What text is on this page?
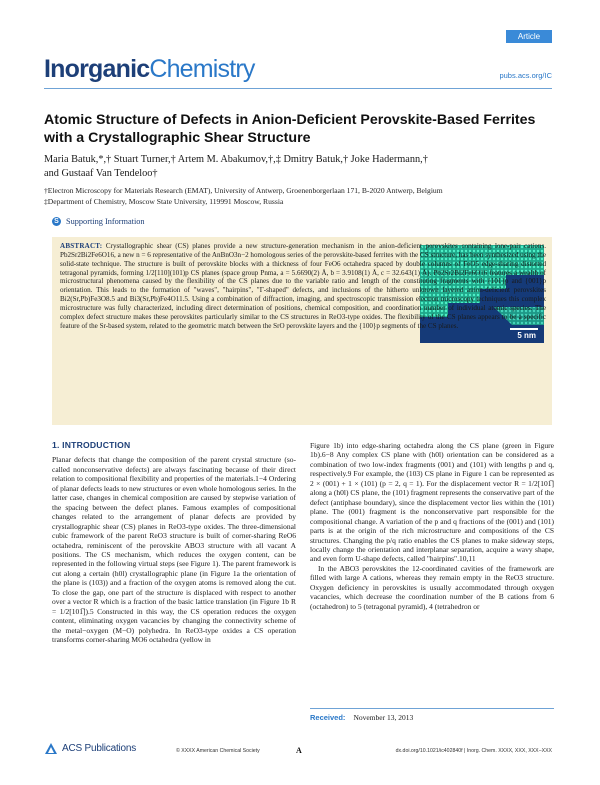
InorganicChemistry
Article
pubs.acs.org/IC
Atomic Structure of Defects in Anion-Deficient Perovskite-Based Ferrites with a Crystallographic Shear Structure
Maria Batuk,*,† Stuart Turner,† Artem M. Abakumov,†,‡ Dmitry Batuk,† Joke Hadermann,†
and Gustaaf Van Tendeloo†
†Electron Microscopy for Materials Research (EMAT), University of Antwerp, Groenenborgerlaan 171, B-2020 Antwerp, Belgium
‡Department of Chemistry, Moscow State University, 119991 Moscow, Russia
S Supporting Information
5 nm
ABSTRACT: Crystallographic shear (CS) planes provide a new structure-generation mechanism in the anion-deficient perovskites containing lone-pair cations. Pb2Sr2Bi2Fe6O16, a new n = 6 representative of the AnBnO3n−2 homologous series of the perovskite-based ferrites with the CS structure, has been synthesized using the solid-state technique. The structure is built of perovskite blocks with a thickness of four FeO6 octahedra spaced by double columns of FeO5 edge-sharing distorted tetragonal pyramids, forming 1/2[110](101)p CS planes (space group Pnma, a = 5.6690(2) Å, b = 3.9108(1) Å, c = 32.643(1) Å). Pb2Sr2Bi2Fe6O16 features a wealth of microstructural phenomena caused by the flexibility of the CS planes due to the variable ratio and length of the constituting fragments with {101}p and {001}p orientation. This leads to the formation of "waves", "hairpins", "Γ-shaped" defects, and inclusions of the hitherto unknown layered anion-deficient perovskites Bi2(Sr,Pb)Fe3O8.5 and Bi3(Sr,Pb)Fe4O11.5. Using a combination of diffraction, imaging, and spectroscopic transmission electron microscopy techniques this complex microstructure was fully characterized, including direct determination of positions, chemical composition, and coordination number of individual atomic species. The complex defect structure makes these perovskites particularly similar to the CS structures in ReO3-type oxides. The flexibility of the CS planes appears to be a specific feature of the Sr-based system, related to the geometric match between the SrO perovskite layers and the {100}p segments of the CS planes.
1. INTRODUCTION

Planar defects that change the composition of the parent crystal structure (so-called nonconservative defects) are always fascinating because of their direct relation to compositional flexibility and properties of the materials.1−4 Ordering of planar defects leads to new structures or even whole homologous series. In the latter case, changes in chemical composition are caused by stepwise variation of the spacing between the defect planes. Famous examples of compositional changes related to the arrangement of planar defects are provided by crystallographic shear (CS) planes in ReO3-type oxides. The three-dimensional cubic framework of the parent ReO3 structure is built of corner-sharing ReO6 octahedra, reminiscent of the perovskite ABO3 structure with all vacant A positions. The CS mechanism, which reduces the oxygen content, can be represented in the following virtual steps (see Figure 1). The parent framework is cut along a certain (h0l) crystallographic plane (in Figure 1a the orientation of the plane is (103)) and a fraction of the oxygen atoms is removed along the cut. To close the gap, one part of the structure is displaced with respect to another over a vector R which is a fraction of the basic lattice translation (in Figure 1b R = 1/2[101̅]).5 Constructed in this way, the CS operation reduces the oxygen content, eliminating oxygen vacancies by changing the connectivity scheme of the metal−oxygen (M−O) polyhedra. In ReO3-type oxides a CS operation transforms corner-sharing MO6 octahedra (yellow in

Figure 1b) into edge-sharing octahedra along the CS plane (green in Figure 1b).6−8 Any complex CS plane with (h0l) orientation can be considered as a combination of two low-index fragments (001) and (101) with lengths p and q, respectively.9 For example, the (103) CS plane in Figure 1 can be represented as 2 × (001) + 1 × (101) (p = 2, q = 1). For the displacement vector R = 1/2[101̅] along a (h0l) CS plane, the (101) fragment represents the conservative part of the defect (antiphase boundary), since the displacement vector lies within the (101) plane. The (001) fragment is the nonconservative part responsible for the compositional change. A variation of the p and q fractions of the (001) and (101) parts is at the origin of the rich microstructure and compositions of the CS structures. Changing the p/q ratio enables the CS planes to make sideway steps, locally change the orientation and interplanar separation, acquire a wavy shape, and even form U-shape defects, called "hairpins".10,11

In the ABO3 perovskites the 12-coordinated cavities of the framework are filled with large A cations, whereas they remain empty in the ReO3 structure. Oxygen deficiency in perovskites is usually accommodated through oxygen vacancies, which decrease the coordination number of the B cations from 6 (octahedron) to 5 (tetragonal pyramid), 4 (tetrahedron or

Received: November 13, 2013
ACS Publications	© XXXX American Chemical Society	A	dx.doi.org/10.1021/ic402840f | Inorg. Chem. XXXX, XXX, XXX−XXX
